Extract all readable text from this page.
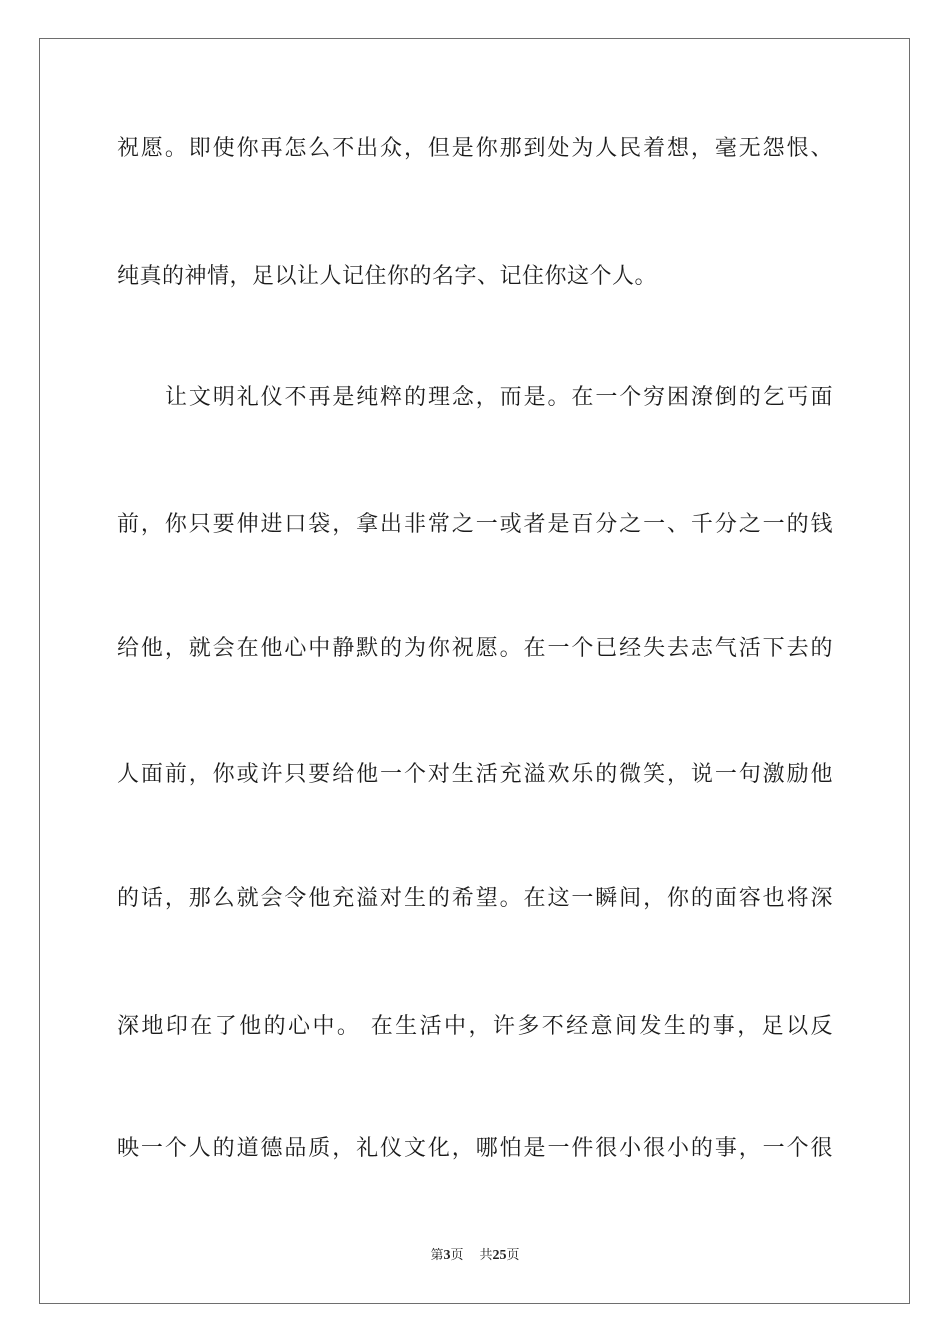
祝愿。即使你再怎么不出众，但是你那到处为人民着想，毫无怨恨、
纯真的神情，足以让人记住你的名字、记住你这个人。
让文明礼仪不再是纯粹的理念，而是。在一个穷困潦倒的乞丐面
前，你只要伸进口袋，拿出非常之一或者是百分之一、千分之一的钱
给他，就会在他心中静默的为你祝愿。在一个已经失去志气活下去的
人面前，你或许只要给他一个对生活充溢欢乐的微笑，说一句激励他
的话，那么就会令他充溢对生的希望。在这一瞬间，你的面容也将深
深地印在了他的心中。 在生活中，许多不经意间发生的事，足以反
映一个人的道德品质，礼仪文化，哪怕是一件很小很小的事，一个很
第3页 共25页
